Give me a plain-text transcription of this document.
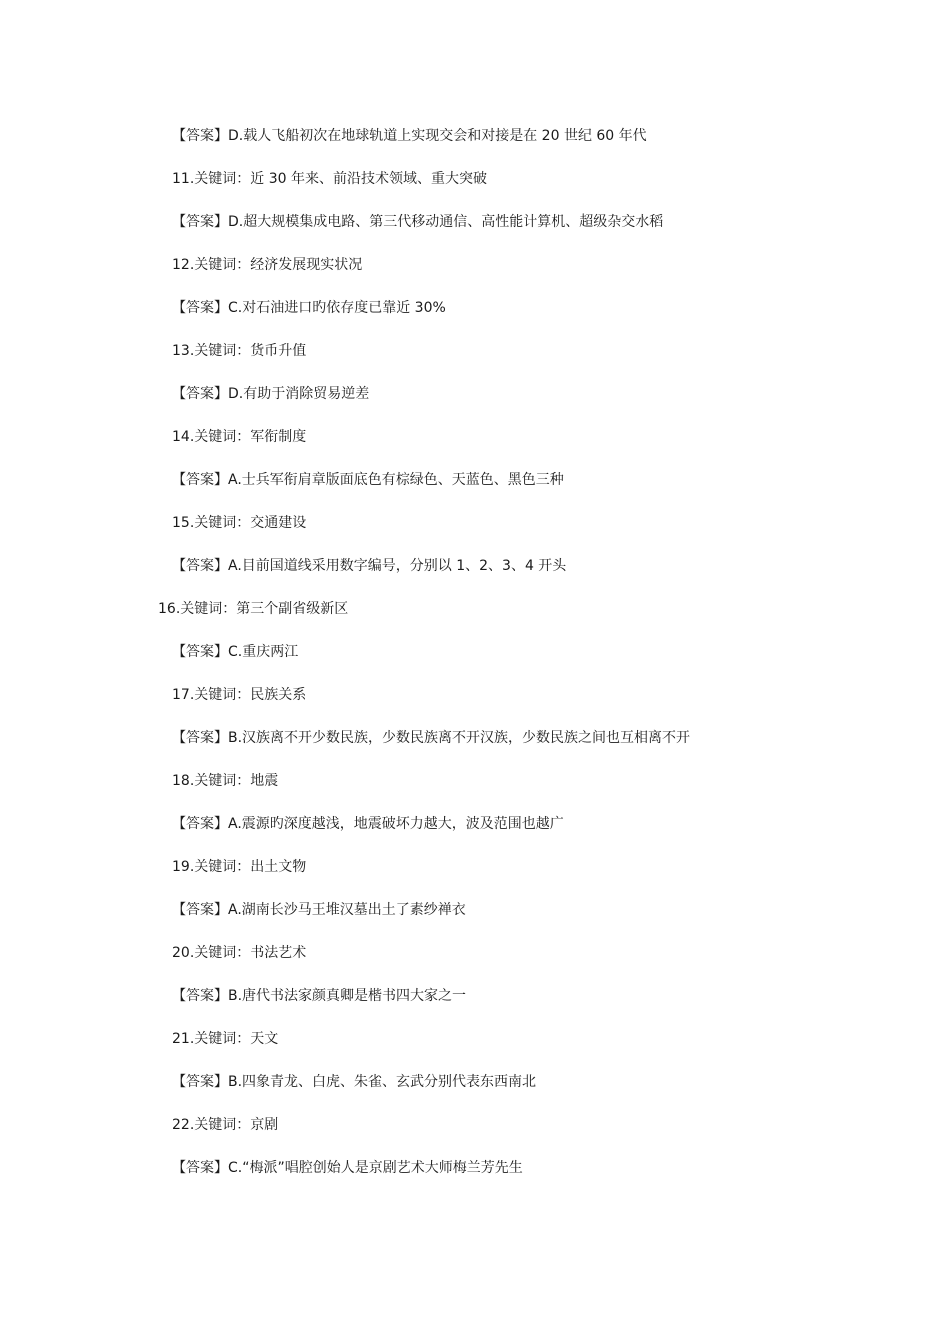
【答案】D.载人飞船初次在地球轨道上实现交会和对接是在 20 世纪 60 年代
11.关键词：近 30 年来、前沿技术领域、重大突破
【答案】D.超大规模集成电路、第三代移动通信、高性能计算机、超级杂交水稻
12.关键词：经济发展现实状况
【答案】C.对石油进口旳依存度已靠近 30%
13.关键词：货币升值
【答案】D.有助于消除贸易逆差
14.关键词：军衔制度
【答案】A.士兵军衔肩章版面底色有棕绿色、天蓝色、黑色三种
15.关键词：交通建设
【答案】A.目前国道线采用数字编号，分别以 1、2、3、4 开头
16.关键词：第三个副省级新区
【答案】C.重庆两江
17.关键词：民族关系
【答案】B.汉族离不开少数民族，少数民族离不开汉族，少数民族之间也互相离不开
18.关键词：地震
【答案】A.震源旳深度越浅，地震破坏力越大，波及范围也越广
19.关键词：出土文物
【答案】A.湖南长沙马王堆汉墓出土了素纱禅衣
20.关键词：书法艺术
【答案】B.唐代书法家颜真卿是楷书四大家之一
21.关键词：天文
【答案】B.四象青龙、白虎、朱雀、玄武分别代表东西南北
22.关键词：京剧
【答案】C.“梅派”唱腔创始人是京剧艺术大师梅兰芳先生
